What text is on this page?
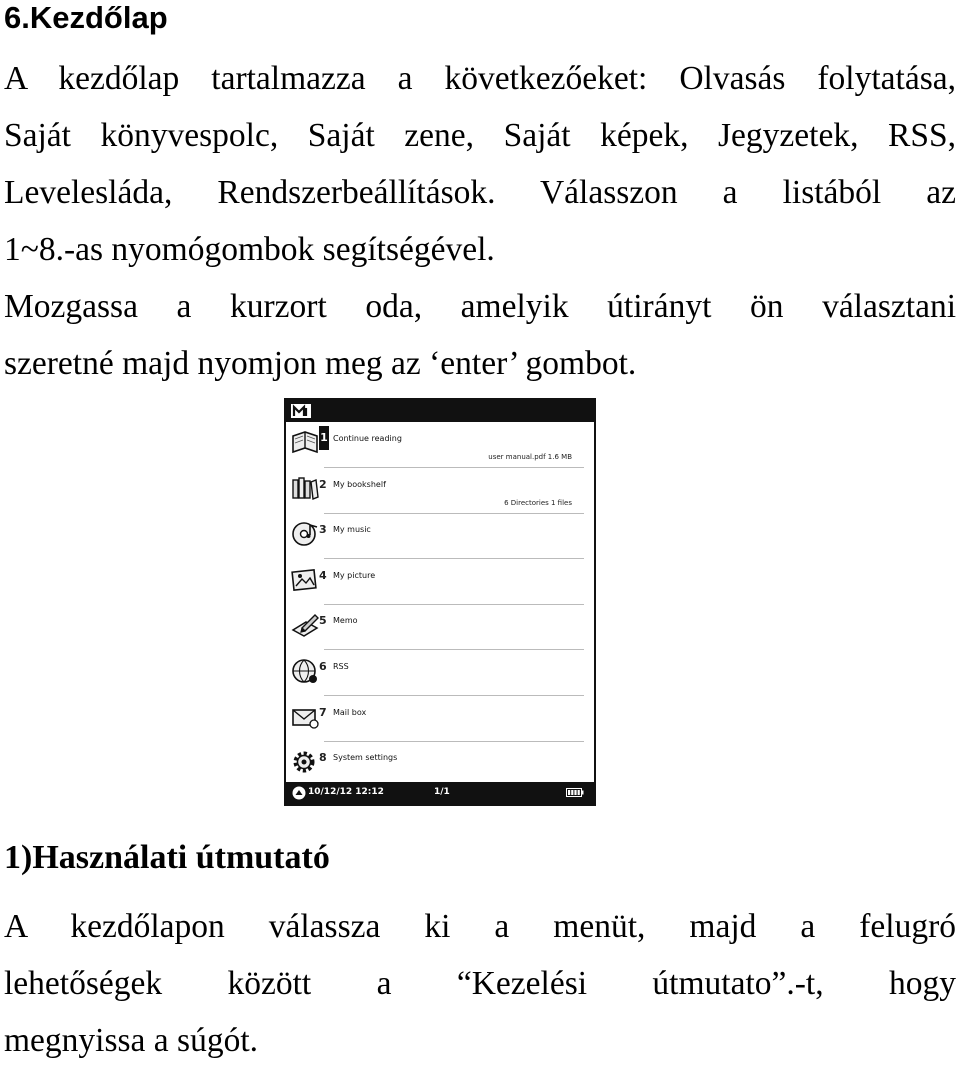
6.Kezdőlap
A kezdőlap tartalmazza a következőeket: Olvasás folytatása,
Saját könyvespolc, Saját zene, Saját képek, Jegyzetek, RSS,
Levelesláda, Rendszerbeállítások. Válasszon a listából az
1~8.-as nyomógombok segítségével.
Mozgassa a kurzort oda, amelyik útirányt ön választani
szeretné majd nyomjon meg az ‘enter’ gombot.
1 Continue reading
user manual.pdf 1.6 MB
2 My bookshelf
6 Directories 1 files
3 My music
4 My picture
5 Memo
6 RSS
7 Mail box
8 System settings
10/12/12 12:12	1/1
1)Használati útmutató
A kezdőlapon válassza ki a menüt, majd a felugró
lehetőségek között a “Kezelési útmutato”.-t, hogy
megnyissa a súgót.
